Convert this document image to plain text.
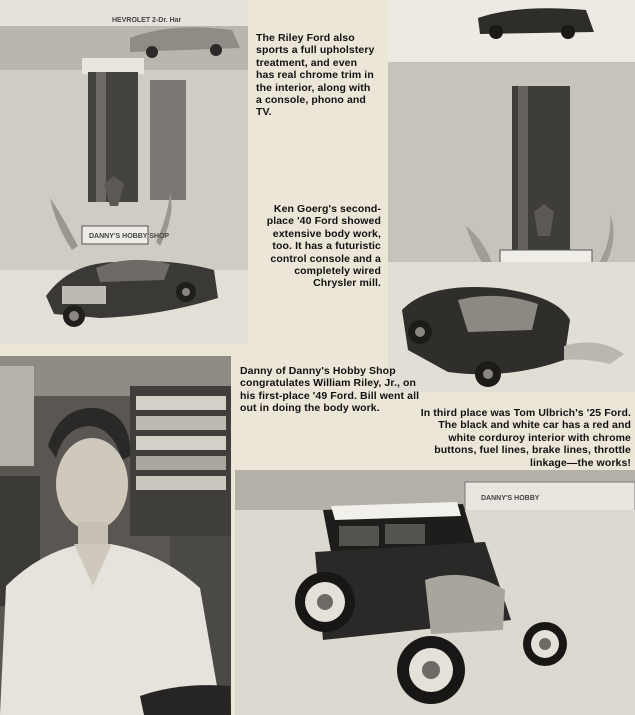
HEVROLET 2-Dr. Har
DANNY'S HOBBY SHOP
DANNY'S HOBBY

The Riley Ford also sports a full upholstery treatment, and even has real chrome trim in the interior, along with a console, phono and TV.

Ken Goerg's second-place '40 Ford showed extensive body work, too. It has a futuristic control console and a completely wired Chrysler mill.

Danny of Danny's Hobby Shop congratulates William Riley, Jr., on his first-place '49 Ford. Bill went all out in doing the body work.	In third place was Tom Ulbrich's '25 Ford. The black and white car has a red and white corduroy interior with chrome buttons, fuel lines, brake lines, throttle linkage—the works!
